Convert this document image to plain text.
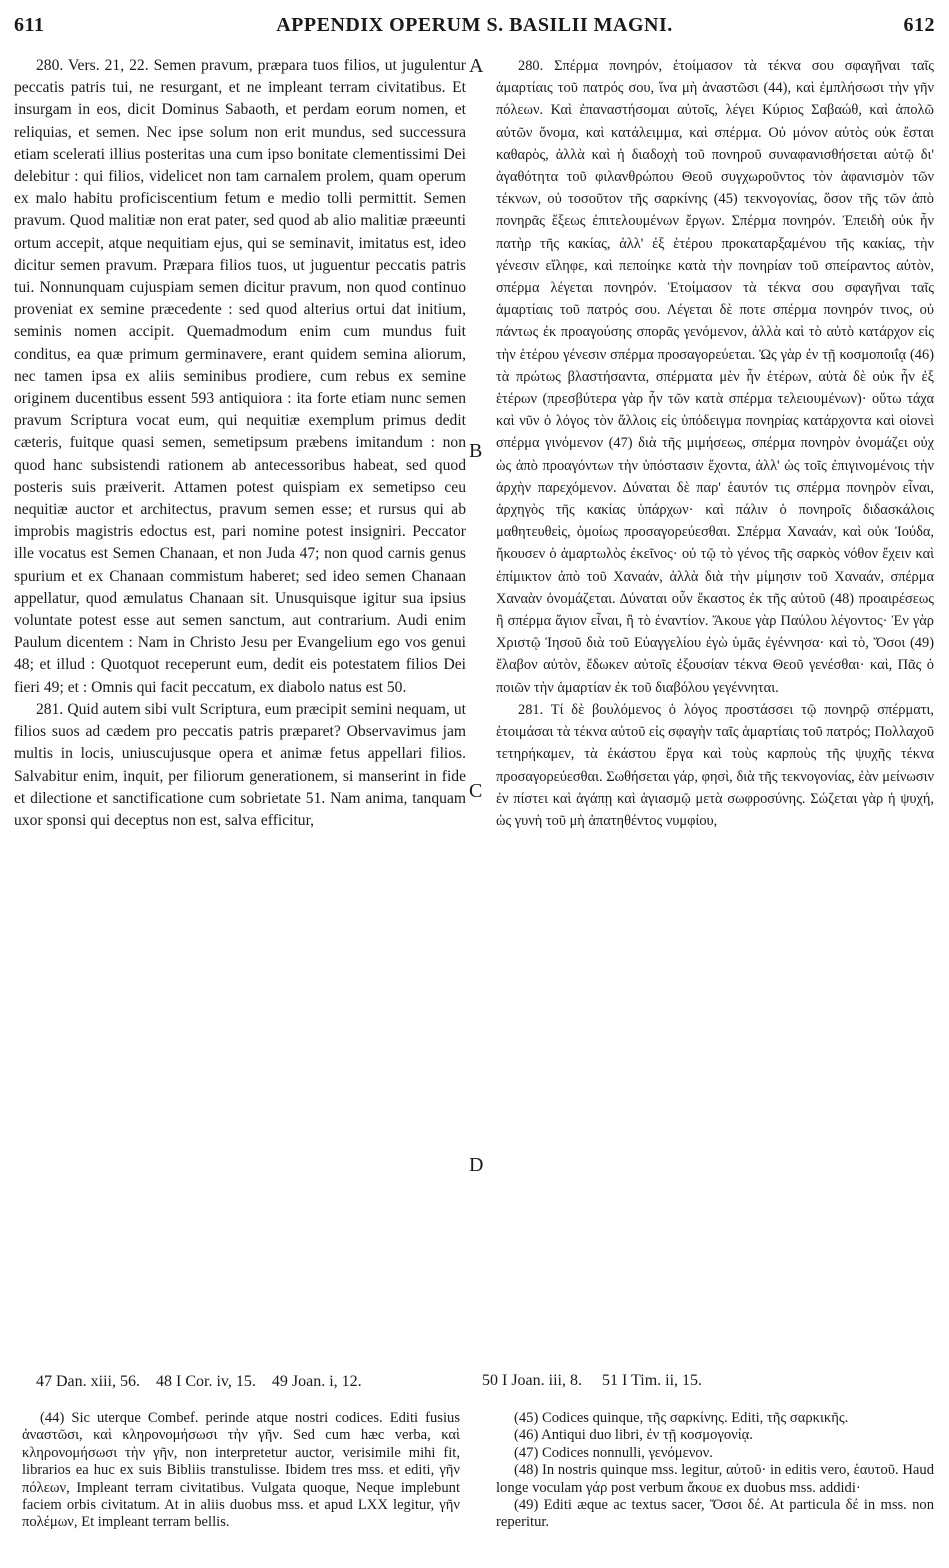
611	APPENDIX OPERUM S. BASILII MAGNI.	612

280. Vers. 21, 22. Semen pravum, præpara tuos filios, ut jugulentur peccatis patris tui, ne resurgant, et ne impleant terram civitatibus. Et insurgam in eos, dicit Dominus Sabaoth, et perdam eorum nomen, et reliquias, et semen. Nec ipse solum non erit mundus, sed successura etiam scelerati illius posteritas una cum ipso bonitate clementissimi Dei delebitur : qui filios, videlicet non tam carnalem prolem, quam operum ex malo habitu proficiscentium fetum e medio tolli permittit. Semen pravum. Quod malitiæ non erat pater, sed quod ab alio malitiæ præeunti ortum accepit, atque nequitiam ejus, qui se seminavit, imitatus est, ideo dicitur semen pravum. Præpara filios tuos, ut juguentur peccatis patris tui. Nonnunquam cujuspiam semen dicitur pravum, non quod continuo proveniat ex semine præcedente : sed quod alterius ortui dat initium, seminis nomen accipit. Quemadmodum enim cum mundus fuit conditus, ea quæ primum germinavere, erant quidem semina aliorum, nec tamen ipsa ex aliis seminibus prodiere, cum rebus ex semine originem ducentibus essent 593 antiquiora : ita forte etiam nunc semen pravum Scriptura vocat eum, qui nequitiæ exemplum primus dedit cæteris, fuitque quasi semen, semetipsum præbens imitandum : non quod hanc subsistendi rationem ab antecessoribus habeat, sed quod posteris suis præiverit. Attamen potest quispiam ex semetipso ceu nequitiæ auctor et architectus, pravum semen esse; et rursus qui ab improbis magistris edoctus est, pari nomine potest insigniri. Peccator ille vocatus est Semen Chanaan, et non Juda 47; non quod carnis genus spurium et ex Chanaan commistum haberet; sed ideo semen Chanaan appellatur, quod æmulatus Chanaan sit. Unusquisque igitur sua ipsius voluntate potest esse aut semen sanctum, aut contrarium. Audi enim Paulum dicentem : Nam in Christo Jesu per Evangelium ego vos genui 48; et illud : Quotquot receperunt eum, dedit eis potestatem filios Dei fieri 49; et : Omnis qui facit peccatum, ex diabolo natus est 50.

281. Quid autem sibi vult Scriptura, eum præcipit semini nequam, ut filios suos ad cædem pro peccatis patris præparet? Observavimus jam multis in locis, uniuscujusque opera et animæ fetus appellari filios. Salvabitur enim, inquit, per filiorum generationem, si manserint in fide et dilectione et sanctificatione cum sobrietate 51. Nam anima, tanquam uxor sponsi qui deceptus non est, salva efficitur,

A
B
C
D

280. Σπέρμα πονηρόν, ἑτοίμασον τὰ τέκνα σου σφαγῆναι ταῖς ἁμαρτίαις τοῦ πατρός σου, ἵνα μὴ ἀναστῶσι (44), καὶ ἐμπλήσωσι τὴν γῆν πόλεων. Καὶ ἐπαναστήσομαι αὐτοῖς, λέγει Κύριος Σαβαώθ, καὶ ἀπολῶ αὐτῶν ὄνομα, καὶ κατάλειμμα, καὶ σπέρμα. Οὐ μόνον αὐτὸς οὐκ ἔσται καθαρὸς, ἀλλὰ καὶ ἡ διαδοχὴ τοῦ πονηροῦ συναφανισθήσεται αὐτῷ δι' ἀγαθότητα τοῦ φιλανθρώπου Θεοῦ συγχωροῦντος τὸν ἀφανισμὸν τῶν τέκνων, οὐ τοσοῦτον τῆς σαρκίνης (45) τεκνογονίας, ὅσον τῆς τῶν ἀπὸ πονηρᾶς ἕξεως ἐπιτελουμένων ἔργων. Σπέρμα πονηρόν. Ἐπειδὴ οὐκ ἦν πατὴρ τῆς κακίας, ἀλλ' ἐξ ἑτέρου προκαταρξαμένου τῆς κακίας, τὴν γένεσιν εἴληφε, καὶ πεποίηκε κατὰ τὴν πονηρίαν τοῦ σπείραντος αὐτὸν, σπέρμα λέγεται πονηρόν. Ἑτοίμασον τὰ τέκνα σου σφαγῆναι ταῖς ἁμαρτίαις τοῦ πατρός σου. Λέγεται δὲ ποτε σπέρμα πονηρόν τινος, οὐ πάντως ἐκ προαγούσης σπορᾶς γενόμενον, ἀλλὰ καὶ τὸ αὐτὸ κατάρχον εἰς τὴν ἑτέρου γένεσιν σπέρμα προσαγορεύεται. Ὡς γὰρ ἐν τῇ κοσμοποιΐᾳ (46) τὰ πρώτως βλαστήσαντα, σπέρματα μὲν ἦν ἑτέρων, αὐτὰ δὲ οὐκ ἦν ἐξ ἑτέρων (πρεσβύτερα γὰρ ἦν τῶν κατὰ σπέρμα τελειουμένων)· οὕτω τάχα καὶ νῦν ὁ λόγος τὸν ἄλλοις εἰς ὑπόδειγμα πονηρίας κατάρχοντα καὶ οἱονεὶ σπέρμα γινόμενον (47) διὰ τῆς μιμήσεως, σπέρμα πονηρὸν ὀνομάζει οὐχ ὡς ἀπὸ προαγόντων τὴν ὑπόστασιν ἔχοντα, ἀλλ' ὡς τοῖς ἐπιγινομένοις τὴν ἀρχὴν παρεχόμενον. Δύναται δὲ παρ' ἑαυτόν τις σπέρμα πονηρὸν εἶναι, ἀρχηγὸς τῆς κακίας ὑπάρχων· καὶ πάλιν ὁ πονηροῖς διδασκάλοις μαθητευθεὶς, ὁμοίως προσαγορεύεσθαι. Σπέρμα Χαναάν, καὶ οὐκ Ἰούδα, ἤκουσεν ὁ ἁμαρτωλὸς ἐκεῖνος· οὐ τῷ τὸ γένος τῆς σαρκὸς νόθον ἔχειν καὶ ἐπίμικτον ἀπὸ τοῦ Χαναάν, ἀλλὰ διὰ τὴν μίμησιν τοῦ Χαναάν, σπέρμα Χαναὰν ὀνομάζεται. Δύναται οὖν ἕκαστος ἐκ τῆς αὐτοῦ (48) προαιρέσεως ἢ σπέρμα ἅγιον εἶναι, ἢ τὸ ἐναντίον. Ἄκουε γὰρ Παύλου λέγοντος· Ἐν γὰρ Χριστῷ Ἰησοῦ διὰ τοῦ Εὐαγγελίου ἐγὼ ὑμᾶς ἐγέννησα· καὶ τὸ, Ὅσοι (49) ἔλαβον αὐτὸν, ἔδωκεν αὐτοῖς ἐξουσίαν τέκνα Θεοῦ γενέσθαι· καὶ, Πᾶς ὁ ποιῶν τὴν ἁμαρτίαν ἐκ τοῦ διαβόλου γεγέννηται.

281. Τί δὲ βουλόμενος ὁ λόγος προστάσσει τῷ πονηρῷ σπέρματι, ἑτοιμάσαι τὰ τέκνα αὐτοῦ εἰς σφαγὴν ταῖς ἁμαρτίαις τοῦ πατρός; Πολλαχοῦ τετηρήκαμεν, τὰ ἑκάστου ἔργα καὶ τοὺς καρποὺς τῆς ψυχῆς τέκνα προσαγορεύεσθαι. Σωθήσεται γάρ, φησὶ, διὰ τῆς τεκνογονίας, ἐὰν μείνωσιν ἐν πίστει καὶ ἀγάπῃ καὶ ἁγιασμῷ μετὰ σωφροσύνης. Σώζεται γὰρ ἡ ψυχή, ὡς γυνὴ τοῦ μὴ ἀπατηθέντος νυμφίου,

47 Dan. xiii, 56. 48 I Cor. iv, 15. 49 Joan. i, 12.	50 I Joan. iii, 8. 51 I Tim. ii, 15.

(44) Sic uterque Combef. perinde atque nostri codices. Editi fusius ἀναστῶσι, καὶ κληρονομήσωσι τὴν γῆν. Sed cum hæc verba, καὶ κληρονομήσωσι τὴν γῆν, non interpretetur auctor, verisimile mihi fit, librarios ea huc ex suis Bibliis transtulisse. Ibidem tres mss. et editi, γῆν πόλεων, Impleant terram civitatibus. Vulgata quoque, Neque implebunt faciem orbis civitatum. At in aliis duobus mss. et apud LXX legitur, γῆν πολέμων, Et impleant terram bellis.

(45) Codices quinque, τῆς σαρκίνης. Editi, τῆς σαρκικῆς.

(46) Antiqui duo libri, ἐν τῇ κοσμογονίᾳ.

(47) Codices nonnulli, γενόμενον.

(48) In nostris quinque mss. legitur, αὐτοῦ· in editis vero, ἑαυτοῦ. Haud longe voculam γάρ post verbum ἄκουε ex duobus mss. addidi·

(49) Editi æque ac textus sacer, Ὅσοι δέ. At particula δέ in mss. non reperitur.
